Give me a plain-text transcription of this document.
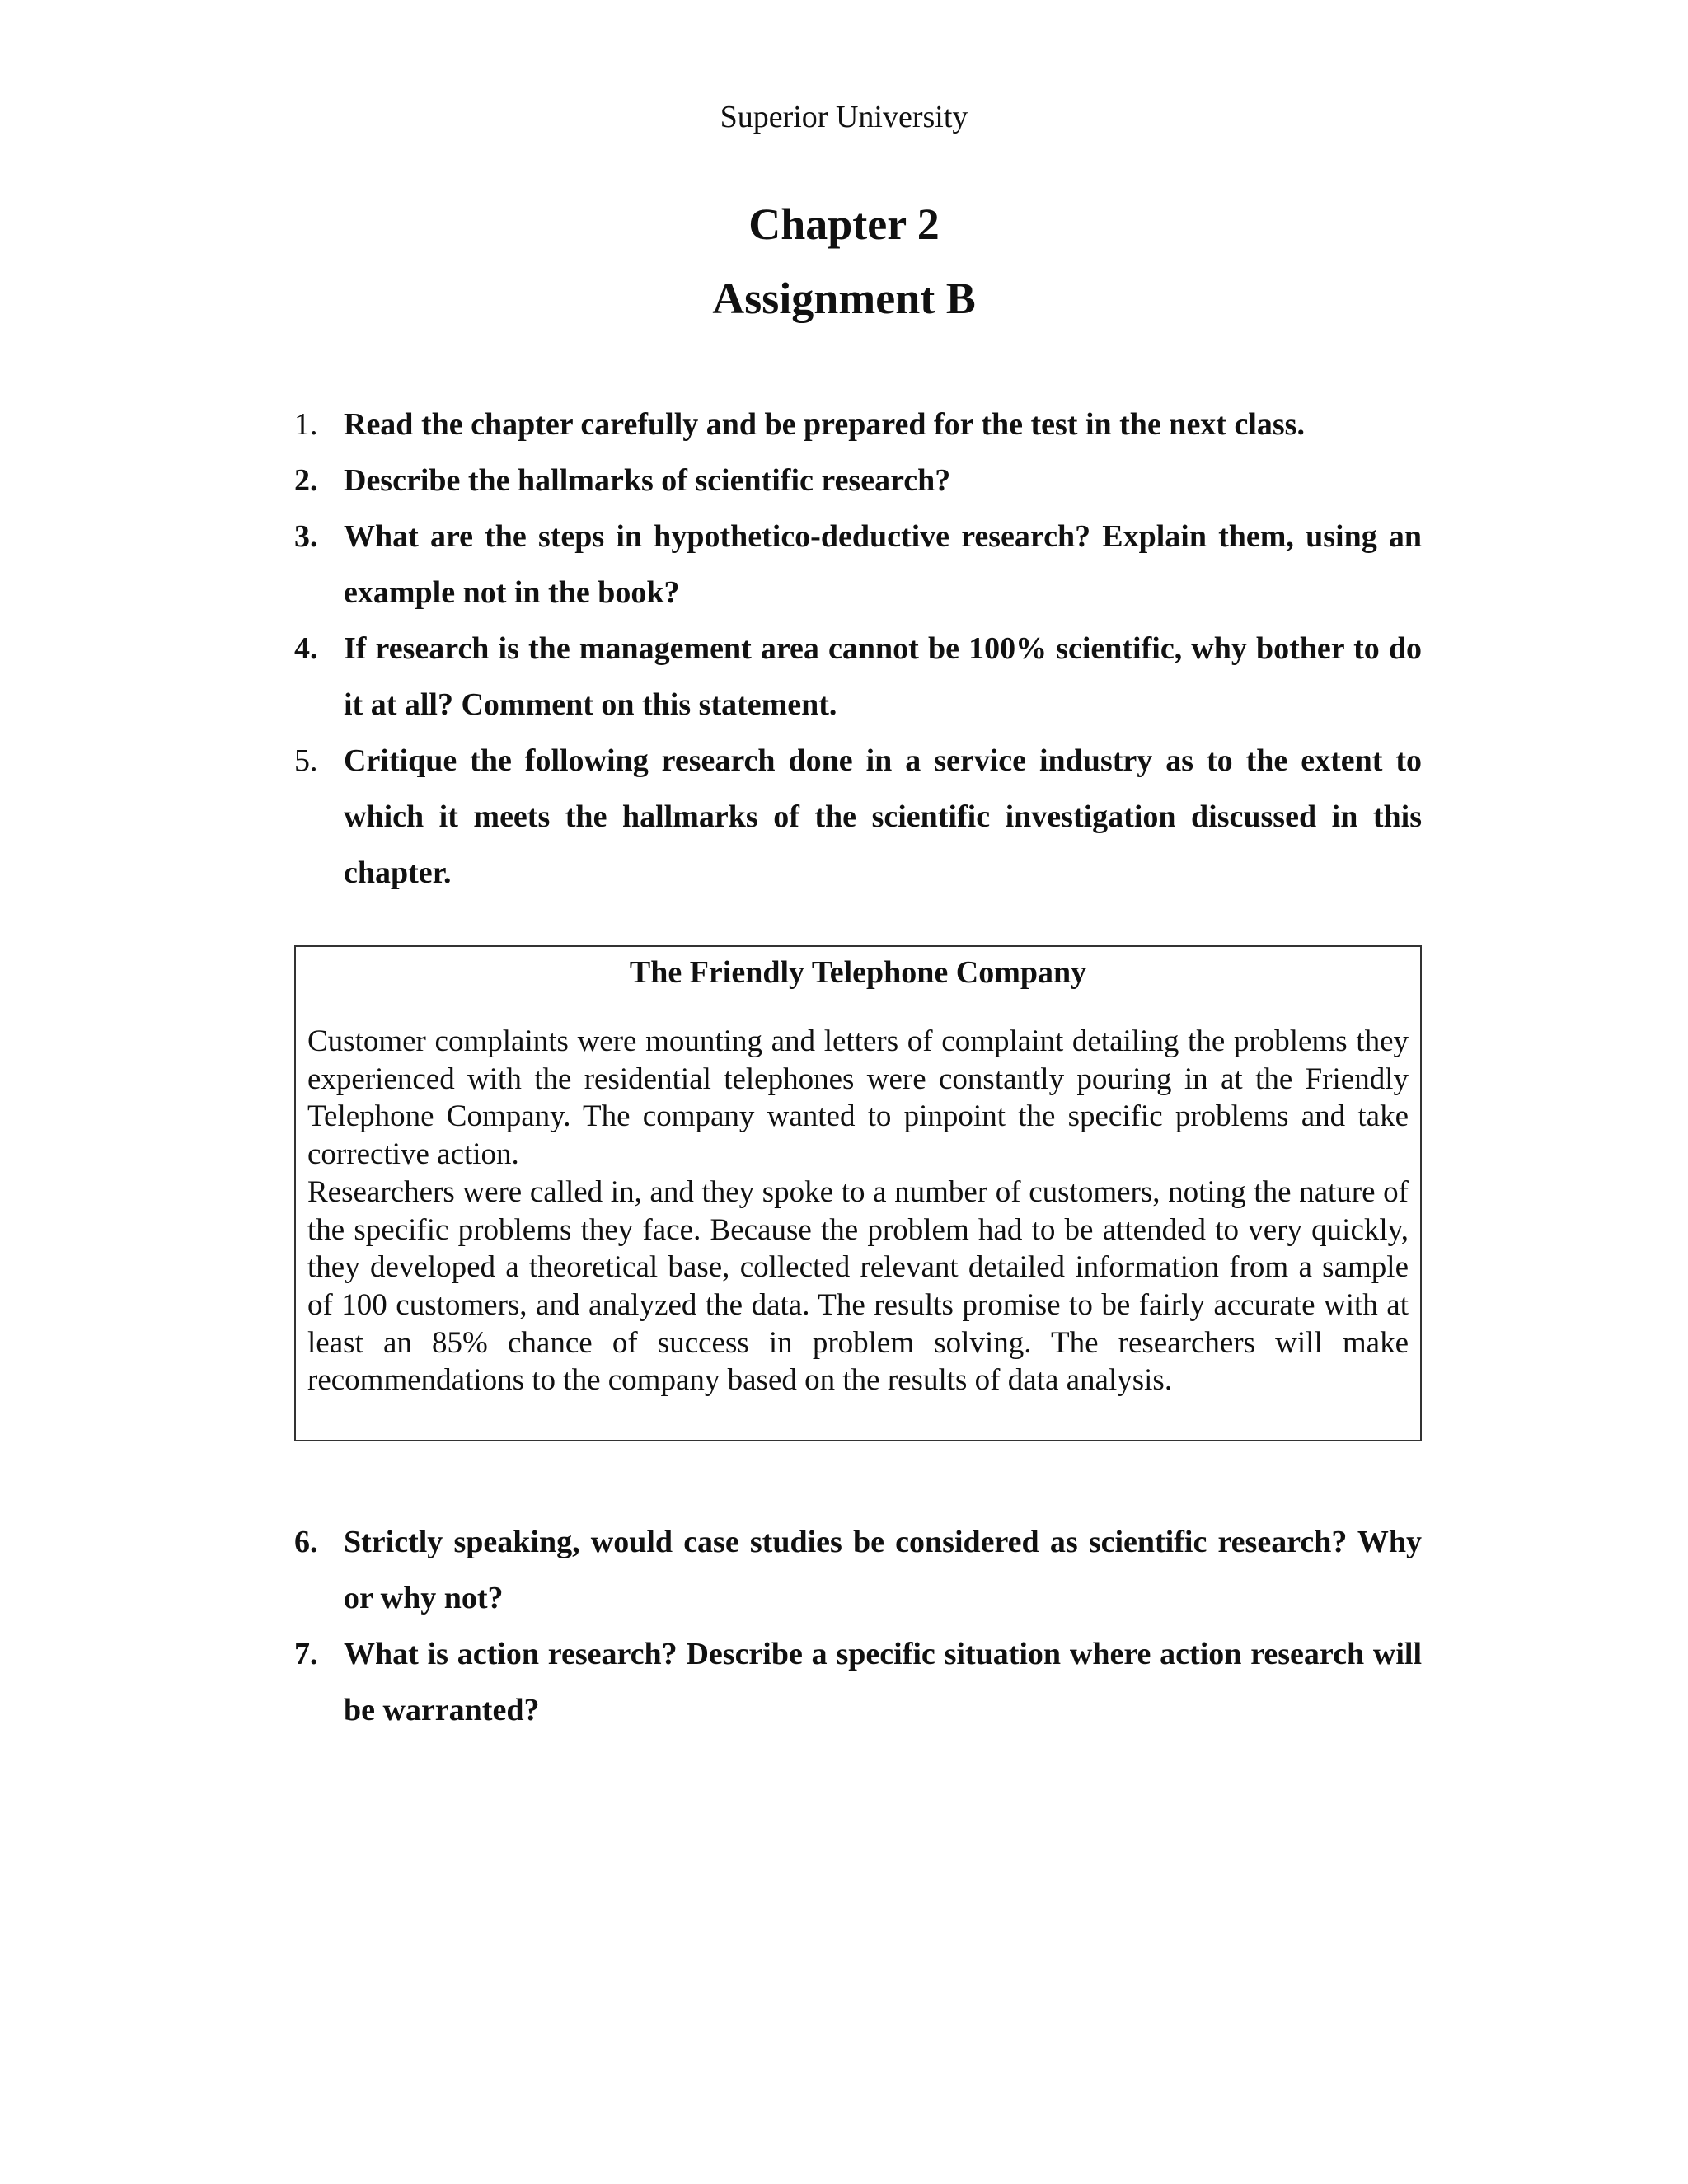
Superior University
Chapter 2
Assignment B
1. Read the chapter carefully and be prepared for the test in the next class.
2. Describe the hallmarks of scientific research?
3. What are the steps in hypothetico-deductive research? Explain them, using an example not in the book?
4. If research is the management area cannot be 100% scientific, why bother to do it at all? Comment on this statement.
5. Critique the following research done in a service industry as to the extent to which it meets the hallmarks of the scientific investigation discussed in this chapter.
The Friendly Telephone Company

Customer complaints were mounting and letters of complaint detailing the problems they experienced with the residential telephones were constantly pouring in at the Friendly Telephone Company. The company wanted to pinpoint the specific problems and take corrective action.

Researchers were called in, and they spoke to a number of customers, noting the nature of the specific problems they face. Because the problem had to be attended to very quickly, they developed a theoretical base, collected relevant detailed information from a sample of 100 customers, and analyzed the data. The results promise to be fairly accurate with at least an 85% chance of success in problem solving. The researchers will make recommendations to the company based on the results of data analysis.

6. Strictly speaking, would case studies be considered as scientific research? Why or why not?
7. What is action research? Describe a specific situation where action research will be warranted?
